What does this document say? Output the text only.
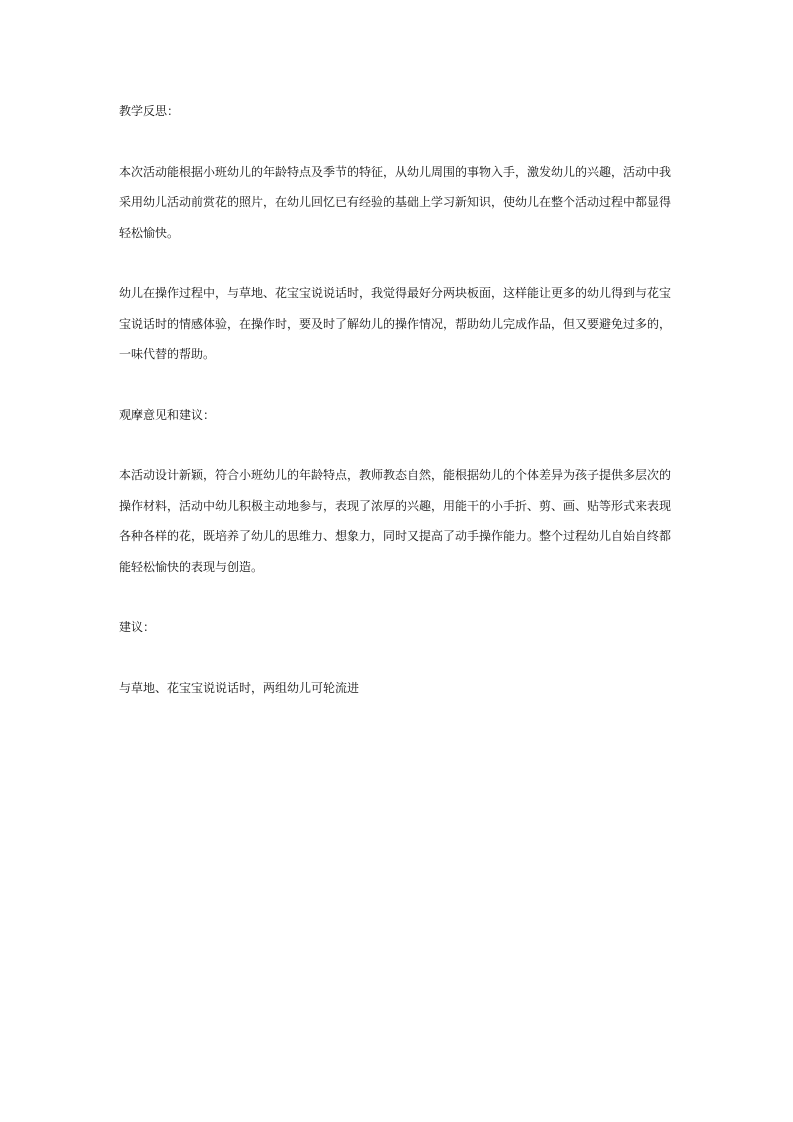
教学反思：

本次活动能根据小班幼儿的年龄特点及季节的特征，从幼儿周围的事物入手，激发幼儿的兴趣，活动中我采用幼儿活动前赏花的照片，在幼儿回忆已有经验的基础上学习新知识，使幼儿在整个活动过程中都显得轻松愉快。

幼儿在操作过程中，与草地、花宝宝说说话时，我觉得最好分两块板面，这样能让更多的幼儿得到与花宝宝说话时的情感体验，在操作时，要及时了解幼儿的操作情况，帮助幼儿完成作品，但又要避免过多的，一味代替的帮助。

观摩意见和建议：

本活动设计新颖，符合小班幼儿的年龄特点，教师教态自然，能根据幼儿的个体差异为孩子提供多层次的操作材料，活动中幼儿积极主动地参与，表现了浓厚的兴趣，用能干的小手折、剪、画、贴等形式来表现各种各样的花，既培养了幼儿的思维力、想象力，同时又提高了动手操作能力。整个过程幼儿自始自终都能轻松愉快的表现与创造。

建议：

与草地、花宝宝说说话时，两组幼儿可轮流进
